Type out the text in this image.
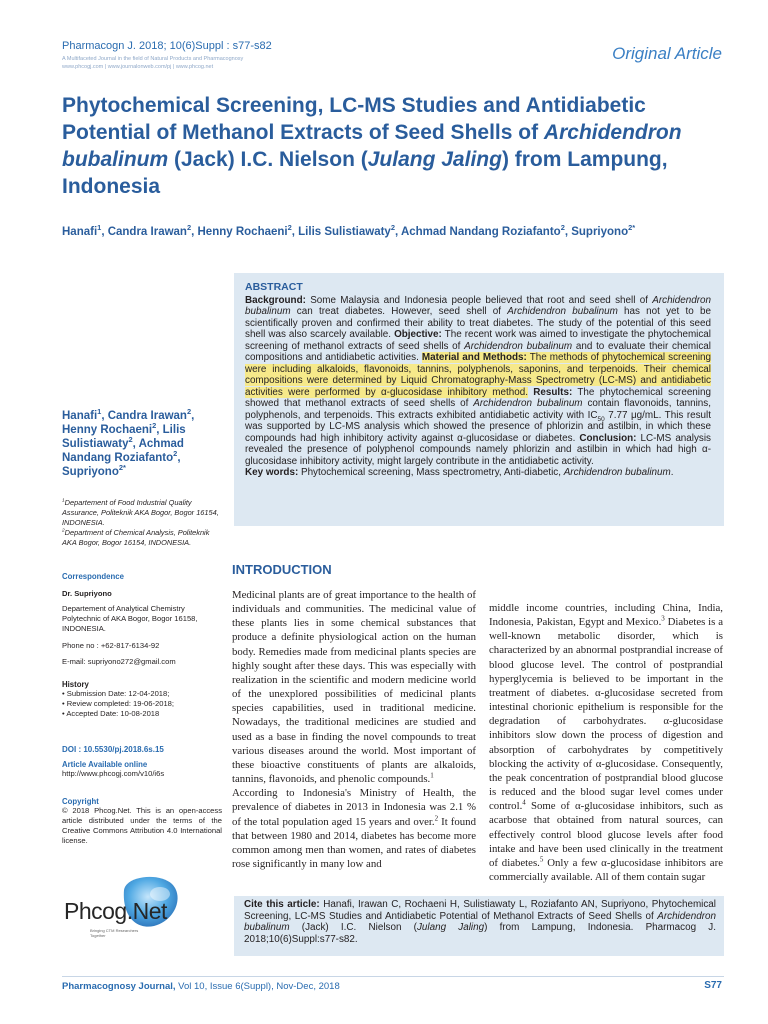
Pharmacogn J. 2018; 10(6)Suppl : s77-s82
A Multifaceted Journal in the field of Natural Products and Pharmacognosy
www.phcogj.com | www.journalonweb.com/pj | www.phcog.net
Original Article
Phytochemical Screening, LC-MS Studies and Antidiabetic Potential of Methanol Extracts of Seed Shells of Archidendron bubalinum (Jack) I.C. Nielson (Julang Jaling) from Lampung, Indonesia
Hanafi$^1$, Candra Irawan$^2$, Henny Rochaeni$^2$, Lilis Sulistiawaty$^2$, Achmad Nandang Roziafanto$^2$, Supriyono$^{2*}$
ABSTRACT
Background: Some Malaysia and Indonesia people believed that root and seed shell of Archidendron bubalinum can treat diabetes. However, seed shell of Archidendron bubalinum has not yet to be scientifically proven and confirmed their ability to treat diabetes. The study of the potential of this seed shell was also scarcely available. Objective: The recent work was aimed to investigate the phytochemical screening of methanol extracts of seed shells of Archidendron bubalinum and to evaluate their chemical compositions and antidiabetic activities. Material and Methods: The methods of phytochemical screening were including alkaloids, flavonoids, tannins, polyphenols, saponins, and terpenoids. Their chemical compositions were determined by Liquid Chromatography-Mass Spectrometry (LC-MS) and antidiabetic activities were performed by α-glucosidase inhibitory method. Results: The phytochemical screening showed that methanol extracts of seed shells of Archidendron bubalinum contain flavonoids, tannins, polyphenols, and terpenoids. This extracts exhibited antidiabetic activity with $IC_{50}$ 7.77 μg/mL. This result was supported by LC-MS analysis which showed the presence of phlorizin and astilbin, in which these compounds had high inhibitory activity against α-glucosidase or diabetes. Conclusion: LC-MS analysis revealed the presence of polyphenol compounds namely phlorizin and astilbin in which had high α-glucosidase inhibitory activity, might largely contribute in the antidiabetic activity.
Key words: Phytochemical screening, Mass spectrometry, Anti-diabetic, Archidendron bubalinum.
Hanafi$^1$, Candra Irawan$^2$, Henny Rochaeni$^2$, Lilis Sulistiawaty$^2$, Achmad Nandang Roziafanto$^2$, Supriyono$^{2*}$
$^1$Departement of Food Industrial Quality Assurance, Politeknik AKA Bogor, Bogor 16154, INDONESIA.
$^2$Department of Chemical Analysis, Politeknik AKA Bogor, Bogor 16154, INDONESIA.
Correspondence
Dr. Supriyono
Departement of Analytical Chemistry Polytechnic of AKA Bogor, Bogor 16158, INDONESIA.
Phone no : +62-817-6134-92
E-mail: supriyono272@gmail.com
History
• Submission Date: 12-04-2018;
• Review completed: 19-06-2018;
• Accepted Date: 10-08-2018
DOI : 10.5530/pj.2018.6s.15
Article Available online
http://www.phcogj.com/v10/i6s
Copyright
© 2018 Phcog.Net. This is an open-access article distributed under the terms of the Creative Commons Attribution 4.0 International license.
Phcog.Net
Bringing CTM Researchers Together
INTRODUCTION
Medicinal plants are of great importance to the health of individuals and communities. The medicinal value of these plants lies in some chemical substances that produce a definite physiological action on the human body. Remedies made from medicinal plants species are highly sought after these days. This was especially with realization in the scientific and modern medicine world of the unexplored possibilities of medicinal plants species capabilities, used in traditional medicine. Nowadays, the traditional medicines are studied and used as a base in finding the novel compounds to treat various diseases around the world. Most important of these bioactive constituents of plants are alkaloids, tannins, flavonoids, and phenolic compounds.$^1$
According to Indonesia's Ministry of Health, the prevalence of diabetes in 2013 in Indonesia was 2.1 % of the total population aged 15 years and over.$^2$ It found that between 1980 and 2014, diabetes has become more common among men than women, and rates of diabetes rose significantly in many low and
middle income countries, including China, India, Indonesia, Pakistan, Egypt and Mexico.$^3$ Diabetes is a well-known metabolic disorder, which is characterized by an abnormal postprandial increase of blood glucose level. The control of postprandial hyperglycemia is believed to be important in the treatment of diabetes. α-glucosidase secreted from intestinal chorionic epithelium is responsible for the degradation of carbohydrates. α-glucosidase inhibitors slow down the process of digestion and absorption of carbohydrates by competitively blocking the activity of α-glucosidase. Consequently, the peak concentration of postprandial blood glucose is reduced and the blood sugar level comes under control.$^4$ Some of α-glucosidase inhibitors, such as acarbose that obtained from natural sources, can effectively control blood glucose levels after food intake and have been used clinically in the treatment of diabetes.$^5$ Only a few α-glucosidase inhibitors are commercially available. All of them contain sugar
Cite this article: Hanafi, Irawan C, Rochaeni H, Sulistiawaty L, Roziafanto AN, Supriyono, Phytochemical Screening, LC-MS Studies and Antidiabetic Potential of Methanol Extracts of Seed Shells of Archidendron bubalinum (Jack) I.C. Nielson (Julang Jaling) from Lampung, Indonesia. Pharmacog J. 2018;10(6)Suppl:s77-s82.
Pharmacognosy Journal, Vol 10, Issue 6(Suppl), Nov-Dec, 2018	S77
